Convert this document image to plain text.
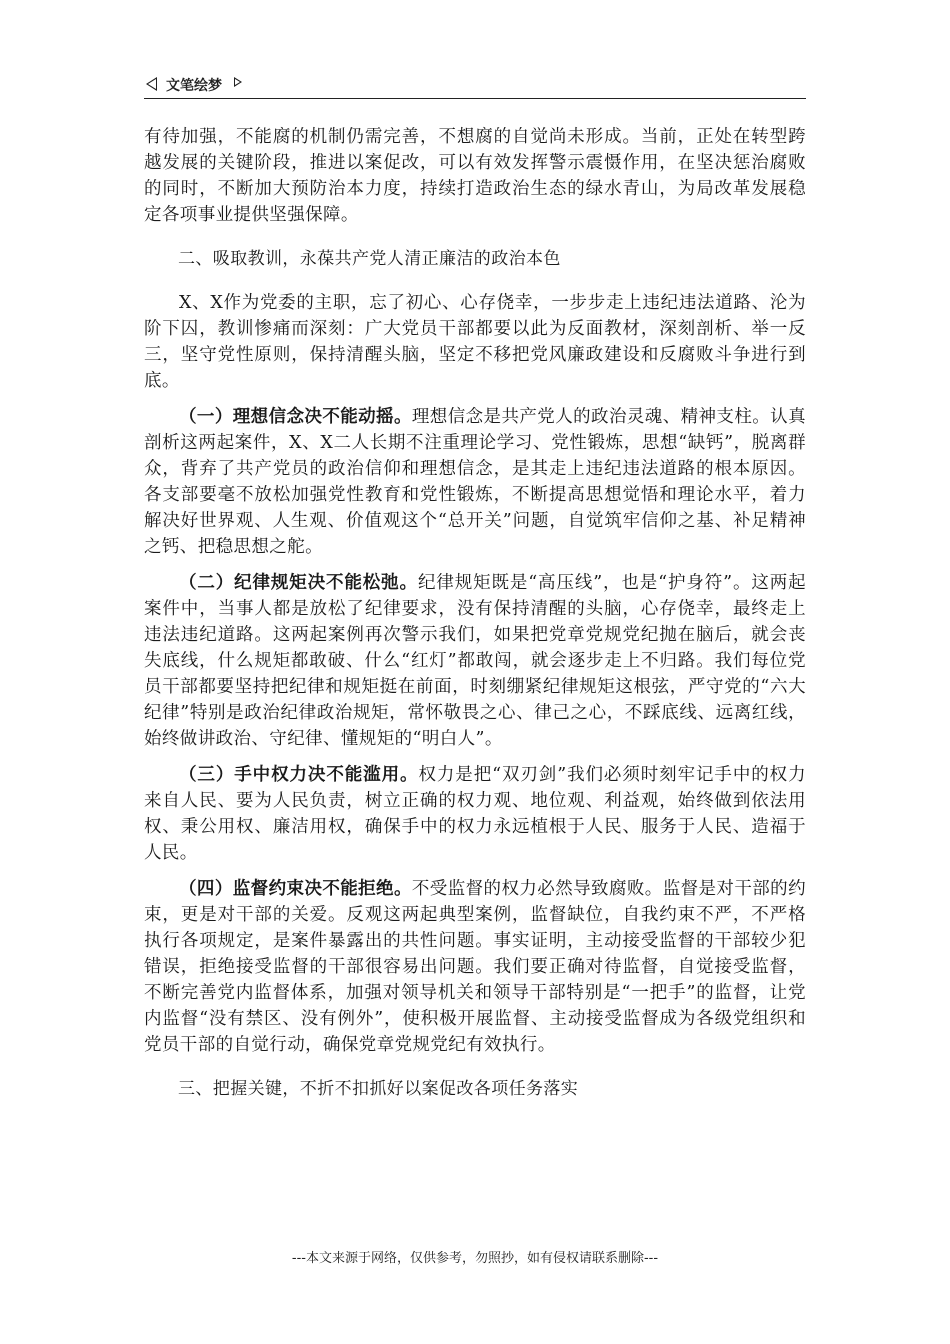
文笔绘梦

有待加强，不能腐的机制仍需完善，不想腐的自觉尚未形成。当前，正处在转型跨越发展的关键阶段，推进以案促改，可以有效发挥警示震慑作用，在坚决惩治腐败的同时，不断加大预防治本力度，持续打造政治生态的绿水青山，为局改革发展稳定各项事业提供坚强保障。

二、吸取教训，永葆共产党人清正廉洁的政治本色

X、X作为党委的主职，忘了初心、心存侥幸，一步步走上违纪违法道路、沦为阶下囚，教训惨痛而深刻：广大党员干部都要以此为反面教材，深刻剖析、举一反三，坚守党性原则，保持清醒头脑，坚定不移把党风廉政建设和反腐败斗争进行到底。

（一）理想信念决不能动摇。理想信念是共产党人的政治灵魂、精神支柱。认真剖析这两起案件，X、X二人长期不注重理论学习、党性锻炼，思想“缺钙”，脱离群众，背弃了共产党员的政治信仰和理想信念，是其走上违纪违法道路的根本原因。各支部要毫不放松加强党性教育和党性锻炼，不断提高思想觉悟和理论水平，着力解决好世界观、人生观、价值观这个“总开关”问题，自觉筑牢信仰之基、补足精神之钙、把稳思想之舵。

（二）纪律规矩决不能松弛。纪律规矩既是“高压线”，也是“护身符”。这两起案件中，当事人都是放松了纪律要求，没有保持清醒的头脑，心存侥幸，最终走上违法违纪道路。这两起案例再次警示我们，如果把党章党规党纪抛在脑后，就会丧失底线，什么规矩都敢破、什么“红灯”都敢闯，就会逐步走上不归路。我们每位党员干部都要坚持把纪律和规矩挺在前面，时刻绷紧纪律规矩这根弦，严守党的“六大纪律”特别是政治纪律政治规矩，常怀敬畏之心、律己之心，不踩底线、远离红线，始终做讲政治、守纪律、懂规矩的“明白人”。

（三）手中权力决不能滥用。权力是把“双刃剑”我们必须时刻牢记手中的权力来自人民、要为人民负责，树立正确的权力观、地位观、利益观，始终做到依法用权、秉公用权、廉洁用权，确保手中的权力永远植根于人民、服务于人民、造福于人民。

（四）监督约束决不能拒绝。不受监督的权力必然导致腐败。监督是对干部的约束，更是对干部的关爱。反观这两起典型案例，监督缺位，自我约束不严，不严格执行各项规定，是案件暴露出的共性问题。事实证明，主动接受监督的干部较少犯错误，拒绝接受监督的干部很容易出问题。我们要正确对待监督，自觉接受监督，不断完善党内监督体系，加强对领导机关和领导干部特别是“一把手”的监督，让党内监督“没有禁区、没有例外”，使积极开展监督、主动接受监督成为各级党组织和党员干部的自觉行动，确保党章党规党纪有效执行。

三、把握关键，不折不扣抓好以案促改各项任务落实

---本文来源于网络，仅供参考，勿照抄，如有侵权请联系删除---
